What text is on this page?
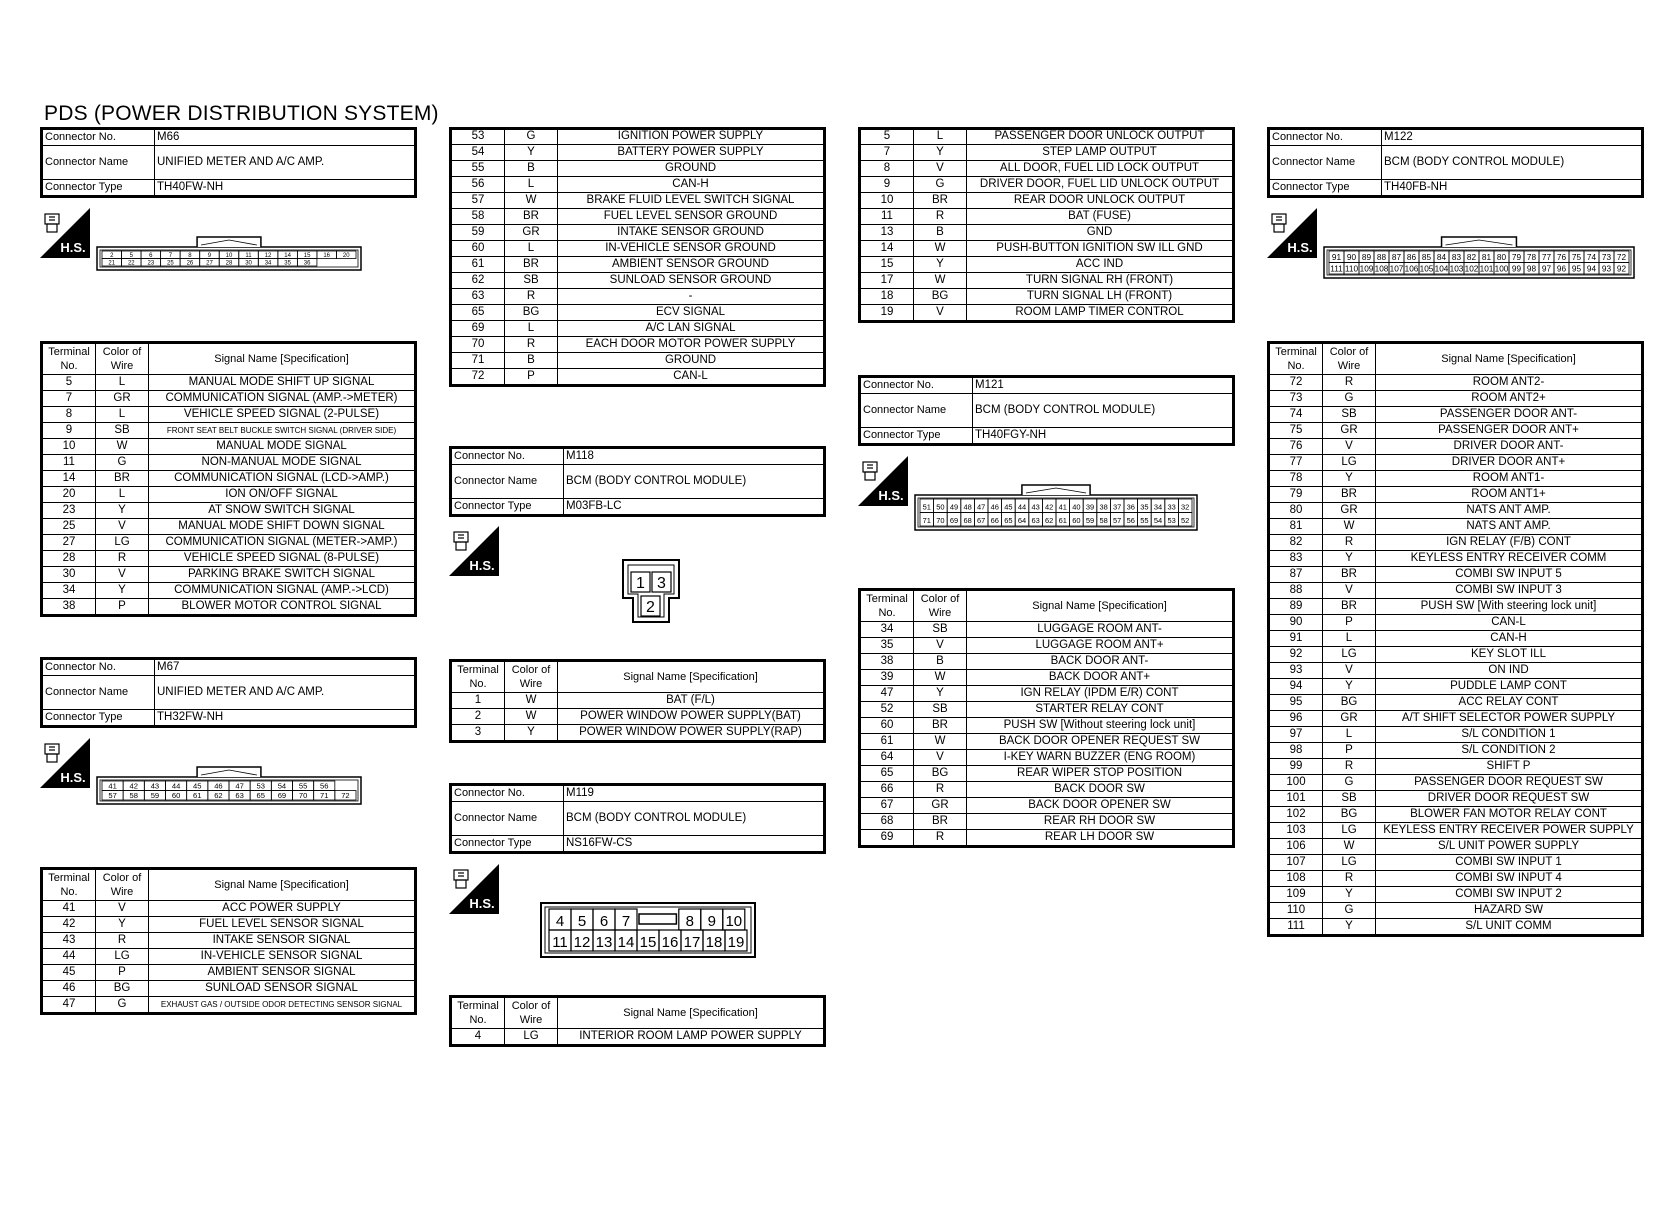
PDS (POWER DISTRIBUTION SYSTEM)
Connector No.	M66
Connector Name	UNIFIED METER AND A/C AMP.
Connector Type	TH40FW-NH
H.S.
2	5	6	7	8	9 10 11 12 14 15 16 20
21 22 23 25 26 27 28 30 34 35 36
Terminal No.	Color of Wire	Signal Name [Specification]
5	L	MANUAL MODE SHIFT UP SIGNAL
7	GR	COMMUNICATION SIGNAL (AMP.->METER)
8	L	VEHICLE SPEED SIGNAL (2-PULSE)
9	SB	FRONT SEAT BELT BUCKLE SWITCH SIGNAL (DRIVER SIDE)
10	W	MANUAL MODE SIGNAL
11	G	NON-MANUAL MODE SIGNAL
14	BR	COMMUNICATION SIGNAL (LCD->AMP.)
20	L	ION ON/OFF SIGNAL
23	Y	AT SNOW SWITCH SIGNAL
25	V	MANUAL MODE SHIFT DOWN SIGNAL
27	LG	COMMUNICATION SIGNAL (METER->AMP.)
28	R	VEHICLE SPEED SIGNAL (8-PULSE)
30	V	PARKING BRAKE SWITCH SIGNAL
34	Y	COMMUNICATION SIGNAL (AMP.->LCD)
38	P	BLOWER MOTOR CONTROL SIGNAL
Connector No.	M67
Connector Name	UNIFIED METER AND A/C AMP.
Connector Type	TH32FW-NH
H.S.
41 42 43 44 45 46 47 53 54 55 56
57 58 59 60 61 62 63 65 69 70 71 72
Terminal No.	Color of Wire	Signal Name [Specification]
41	V	ACC POWER SUPPLY
42	Y	FUEL LEVEL SENSOR SIGNAL
43	R	INTAKE SENSOR SIGNAL
44	LG	IN-VEHICLE SENSOR SIGNAL
45	P	AMBIENT SENSOR SIGNAL
46	BG	SUNLOAD SENSOR SIGNAL
47	G	EXHAUST GAS / OUTSIDE ODOR DETECTING SENSOR SIGNAL
53	G	IGNITION POWER SUPPLY
54	Y	BATTERY POWER SUPPLY
55	B	GROUND
56	L	CAN-H
57	W	BRAKE FLUID LEVEL SWITCH SIGNAL
58	BR	FUEL LEVEL SENSOR GROUND
59	GR	INTAKE SENSOR GROUND
60	L	IN-VEHICLE SENSOR GROUND
61	BR	AMBIENT SENSOR GROUND
62	SB	SUNLOAD SENSOR GROUND
63	R	-
65	BG	ECV SIGNAL
69	L	A/C LAN SIGNAL
70	R	EACH DOOR MOTOR POWER SUPPLY
71	B	GROUND
72	P	CAN-L
Connector No.	M118
Connector Name	BCM (BODY CONTROL MODULE)
Connector Type	M03FB-LC
H.S.
1 3
2
Terminal No.	Color of Wire	Signal Name [Specification]
1	W	BAT (F/L)
2	W	POWER WINDOW POWER SUPPLY(BAT)
3	Y	POWER WINDOW POWER SUPPLY(RAP)
Connector No.	M119
Connector Name	BCM (BODY CONTROL MODULE)
Connector Type	NS16FW-CS
H.S.
4 5 6 7	8 9 10
11 12 13 14 15 16 17 18 19
Terminal No.	Color of Wire	Signal Name [Specification]
4	LG	INTERIOR ROOM LAMP POWER SUPPLY
5	L	PASSENGER DOOR UNLOCK OUTPUT
7	Y	STEP LAMP OUTPUT
8	V	ALL DOOR, FUEL LID LOCK OUTPUT
9	G	DRIVER DOOR, FUEL LID UNLOCK OUTPUT
10	BR	REAR DOOR UNLOCK OUTPUT
11	R	BAT (FUSE)
13	B	GND
14	W	PUSH-BUTTON IGNITION SW ILL GND
15	Y	ACC IND
17	W	TURN SIGNAL RH (FRONT)
18	BG	TURN SIGNAL LH (FRONT)
19	V	ROOM LAMP TIMER CONTROL
Connector No.	M121
Connector Name	BCM (BODY CONTROL MODULE)
Connector Type	TH40FGY-NH
H.S.
51 50 49 48 47 46 45 44 43 42 41 40 39 38 37 36 35 34 33 32
71 70 69 68 67 66 65 64 63 62 61 60 59 58 57 56 55 54 53 52
Terminal No.	Color of Wire	Signal Name [Specification]
34	SB	LUGGAGE ROOM ANT-
35	V	LUGGAGE ROOM ANT+
38	B	BACK DOOR ANT-
39	W	BACK DOOR ANT+
47	Y	IGN RELAY (IPDM E/R) CONT
52	SB	STARTER RELAY CONT
60	BR	PUSH SW [Without steering lock unit]
61	W	BACK DOOR OPENER REQUEST SW
64	V	I-KEY WARN BUZZER (ENG ROOM)
65	BG	REAR WIPER STOP POSITION
66	R	BACK DOOR SW
67	GR	BACK DOOR OPENER SW
68	BR	REAR RH DOOR SW
69	R	REAR LH DOOR SW
Connector No.	M122
Connector Name	BCM (BODY CONTROL MODULE)
Connector Type	TH40FB-NH
H.S.
91 90 89 88 87 86 85 84 83 82 81 80 79 78 77 76 75 74 73 72
111 110 109 108 107 106 105 104 103 102 101 100 99 98 97 96 95 94 93 92
Terminal No.	Color of Wire	Signal Name [Specification]
72	R	ROOM ANT2-
73	G	ROOM ANT2+
74	SB	PASSENGER DOOR ANT-
75	GR	PASSENGER DOOR ANT+
76	V	DRIVER DOOR ANT-
77	LG	DRIVER DOOR ANT+
78	Y	ROOM ANT1-
79	BR	ROOM ANT1+
80	GR	NATS ANT AMP.
81	W	NATS ANT AMP.
82	R	IGN RELAY (F/B) CONT
83	Y	KEYLESS ENTRY RECEIVER COMM
87	BR	COMBI SW INPUT 5
88	V	COMBI SW INPUT 3
89	BR	PUSH SW [With steering lock unit]
90	P	CAN-L
91	L	CAN-H
92	LG	KEY SLOT ILL
93	V	ON IND
94	Y	PUDDLE LAMP CONT
95	BG	ACC RELAY CONT
96	GR	A/T SHIFT SELECTOR POWER SUPPLY
97	L	S/L CONDITION 1
98	P	S/L CONDITION 2
99	R	SHIFT P
100	G	PASSENGER DOOR REQUEST SW
101	SB	DRIVER DOOR REQUEST SW
102	BG	BLOWER FAN MOTOR RELAY CONT
103	LG	KEYLESS ENTRY RECEIVER POWER SUPPLY
106	W	S/L UNIT POWER SUPPLY
107	LG	COMBI SW INPUT 1
108	R	COMBI SW INPUT 4
109	Y	COMBI SW INPUT 2
110	G	HAZARD SW
111	Y	S/L UNIT COMM
